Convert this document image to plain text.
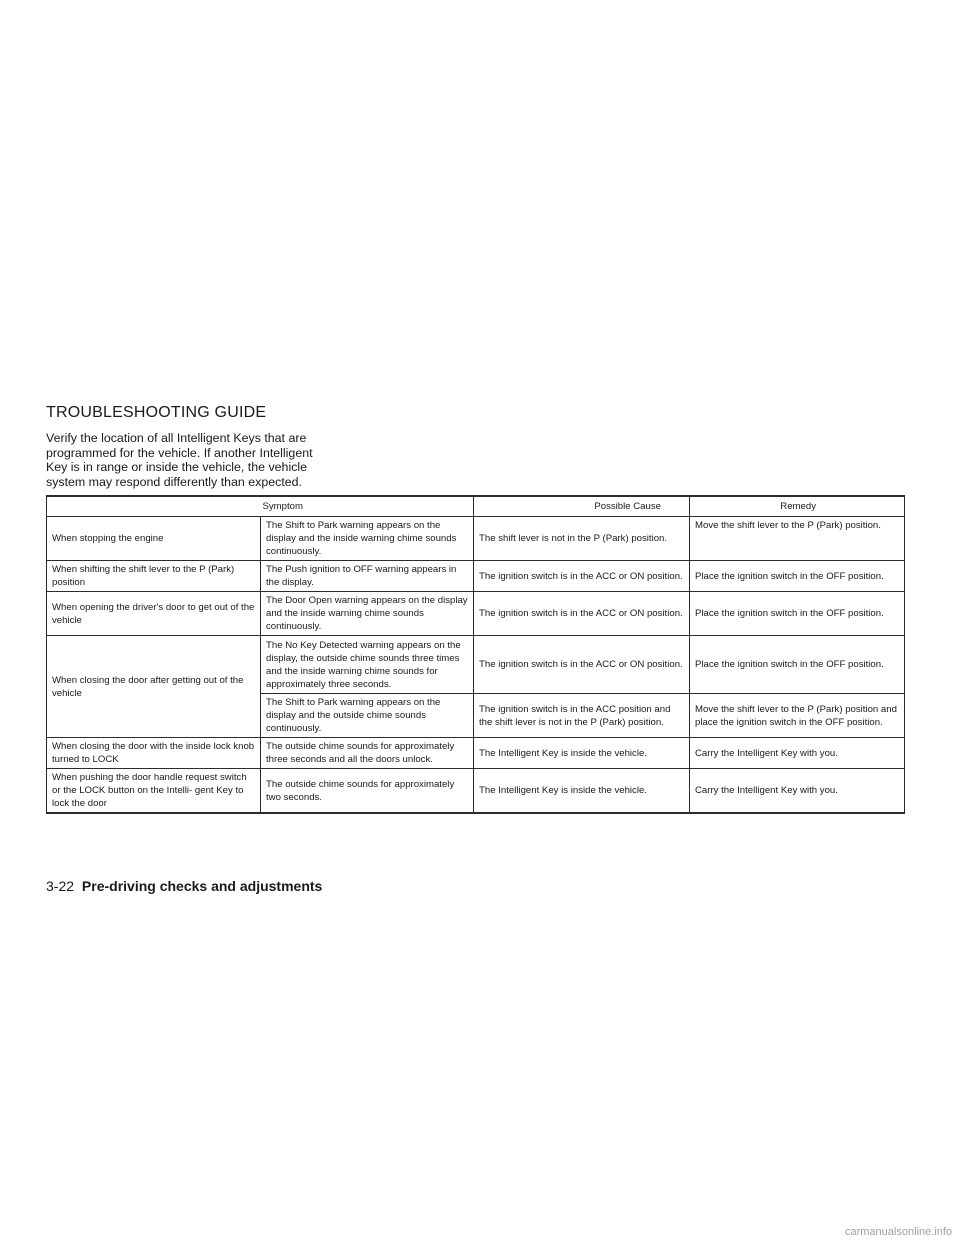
TROUBLESHOOTING GUIDE

Verify the location of all Intelligent Keys that are programmed for the vehicle. If another Intelligent Key is in range or inside the vehicle, the vehicle system may respond differently than expected.

Symptom		Possible Cause	Remedy
When stopping the engine	The Shift to Park warning appears on the display and the inside warning chime sounds continuously.	The shift lever is not in the P (Park) position.	Move the shift lever to the P (Park) position.
When shifting the shift lever to the P (Park) position	The Push ignition to OFF warning appears in the display.	The ignition switch is in the ACC or ON position.	Place the ignition switch in the OFF position.
When opening the driver's door to get out of the vehicle	The Door Open warning appears on the display and the inside warning chime sounds continuously.	The ignition switch is in the ACC or ON position.	Place the ignition switch in the OFF position.
When closing the door after getting out of the vehicle	The No Key Detected warning appears on the display, the outside chime sounds three times and the inside warning chime sounds for approximately three seconds.	The ignition switch is in the ACC or ON position.	Place the ignition switch in the OFF position.
	The Shift to Park warning appears on the display and the outside chime sounds continuously.	The ignition switch is in the ACC position and the shift lever is not in the P (Park) position.	Move the shift lever to the P (Park) position and place the ignition switch in the OFF position.
When closing the door with the inside lock knob turned to LOCK	The outside chime sounds for approximately three seconds and all the doors unlock.	The Intelligent Key is inside the vehicle.	Carry the Intelligent Key with you.
When pushing the door handle request switch or the LOCK button on the Intelli- gent Key to lock the door	The outside chime sounds for approximately two seconds.	The Intelligent Key is inside the vehicle.	Carry the Intelligent Key with you.
3-22 Pre-driving checks and adjustments
carmanualsonline.info
